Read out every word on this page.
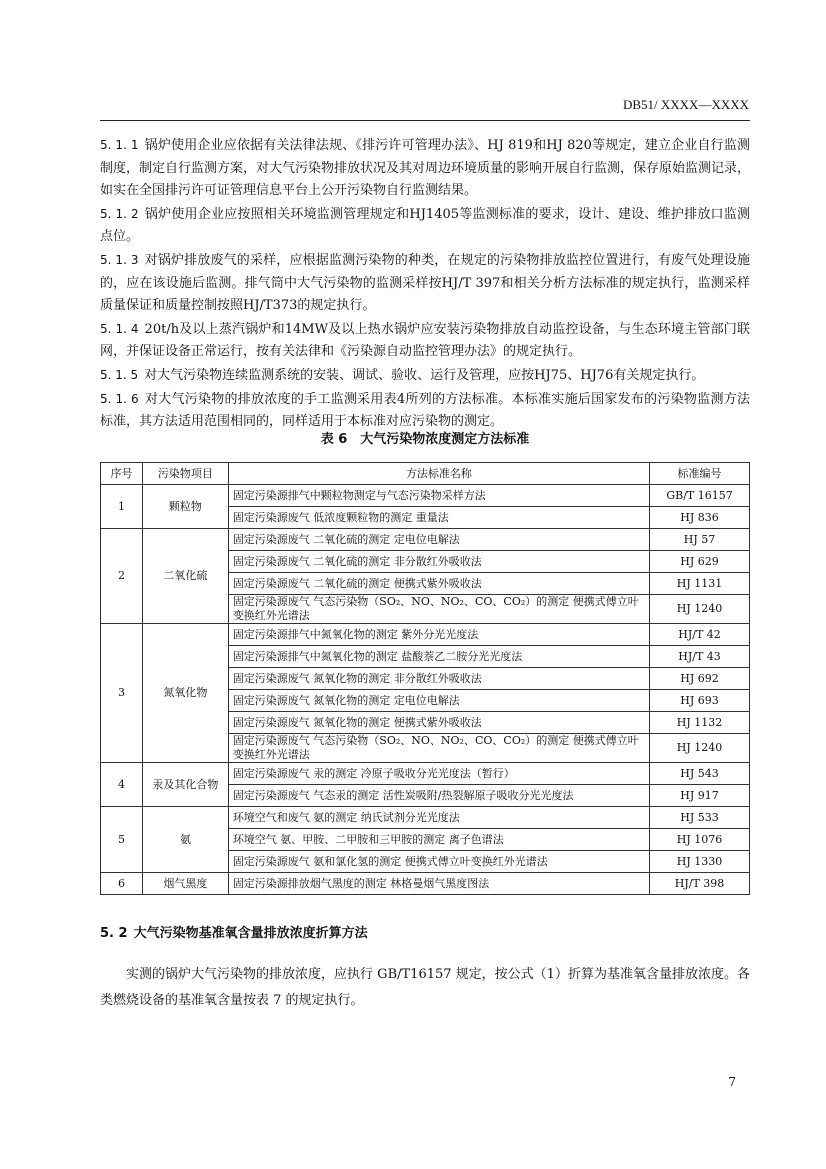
DB51/ XXXX—XXXX

5. 1. 1 锅炉使用企业应依据有关法律法规、《排污许可管理办法》、HJ 819和HJ 820等规定，建立企业自行监测制度，制定自行监测方案，对大气污染物排放状况及其对周边环境质量的影响开展自行监测，保存原始监测记录，如实在全国排污许可证管理信息平台上公开污染物自行监测结果。

5. 1. 2 锅炉使用企业应按照相关环境监测管理规定和HJ1405等监测标准的要求，设计、建设、维护排放口监测点位。

5. 1. 3 对锅炉排放废气的采样，应根据监测污染物的种类，在规定的污染物排放监控位置进行，有废气处理设施的，应在该设施后监测。排气筒中大气污染物的监测采样按HJ/T 397和相关分析方法标准的规定执行，监测采样质量保证和质量控制按照HJ/T373的规定执行。

5. 1. 4 20t/h及以上蒸汽锅炉和14MW及以上热水锅炉应安装污染物排放自动监控设备，与生态环境主管部门联网，并保证设备正常运行，按有关法律和《污染源自动监控管理办法》的规定执行。

5. 1. 5 对大气污染物连续监测系统的安装、调试、验收、运行及管理，应按HJ75、HJ76有关规定执行。

5. 1. 6 对大气污染物的排放浓度的手工监测采用表4所列的方法标准。本标准实施后国家发布的污染物监测方法标准，其方法适用范围相同的，同样适用于本标准对应污染物的测定。

表 6　大气污染物浓度测定方法标准
序号	污染物项目	方法标准名称	标准编号
1	颗粒物	固定污染源排气中颗粒物测定与气态污染物采样方法	GB/T 16157
		固定污染源废气 低浓度颗粒物的测定 重量法	HJ 836
2	二氧化硫	固定污染源废气 二氧化硫的测定 定电位电解法	HJ 57
		固定污染源废气 二氧化硫的测定 非分散红外吸收法	HJ 629
		固定污染源废气 二氧化硫的测定 便携式紫外吸收法	HJ 1131
		固定污染源废气 气态污染物（SO₂、NO、NO₂、CO、CO₂）的测定 便携式傅立叶变换红外光谱法	HJ 1240
3	氮氧化物	固定污染源排气中氮氧化物的测定 紫外分光光度法	HJ/T 42
		固定污染源排气中氮氧化物的测定 盐酸萘乙二胺分光光度法	HJ/T 43
		固定污染源废气 氮氧化物的测定 非分散红外吸收法	HJ 692
		固定污染源废气 氮氧化物的测定 定电位电解法	HJ 693
		固定污染源废气 氮氧化物的测定 便携式紫外吸收法	HJ 1132
		固定污染源废气 气态污染物（SO₂、NO、NO₂、CO、CO₂）的测定 便携式傅立叶变换红外光谱法	HJ 1240
4	汞及其化合物	固定污染源废气 汞的测定 冷原子吸收分光光度法（暂行）	HJ 543
		固定污染源废气 气态汞的测定 活性炭吸附/热裂解原子吸收分光光度法	HJ 917
5	氨	环境空气和废气 氨的测定 纳氏试剂分光光度法	HJ 533
		环境空气 氨、甲胺、二甲胺和三甲胺的测定 离子色谱法	HJ 1076
		固定污染源废气 氨和氯化氢的测定 便携式傅立叶变换红外光谱法	HJ 1330
6	烟气黑度	固定污染源排放烟气黑度的测定 林格曼烟气黑度图法	HJ/T 398
5. 2 大气污染物基准氧含量排放浓度折算方法

实测的锅炉大气污染物的排放浓度，应执行 GB/T16157 规定，按公式（1）折算为基准氧含量排放浓度。各类燃烧设备的基准氧含量按表 7 的规定执行。

7
